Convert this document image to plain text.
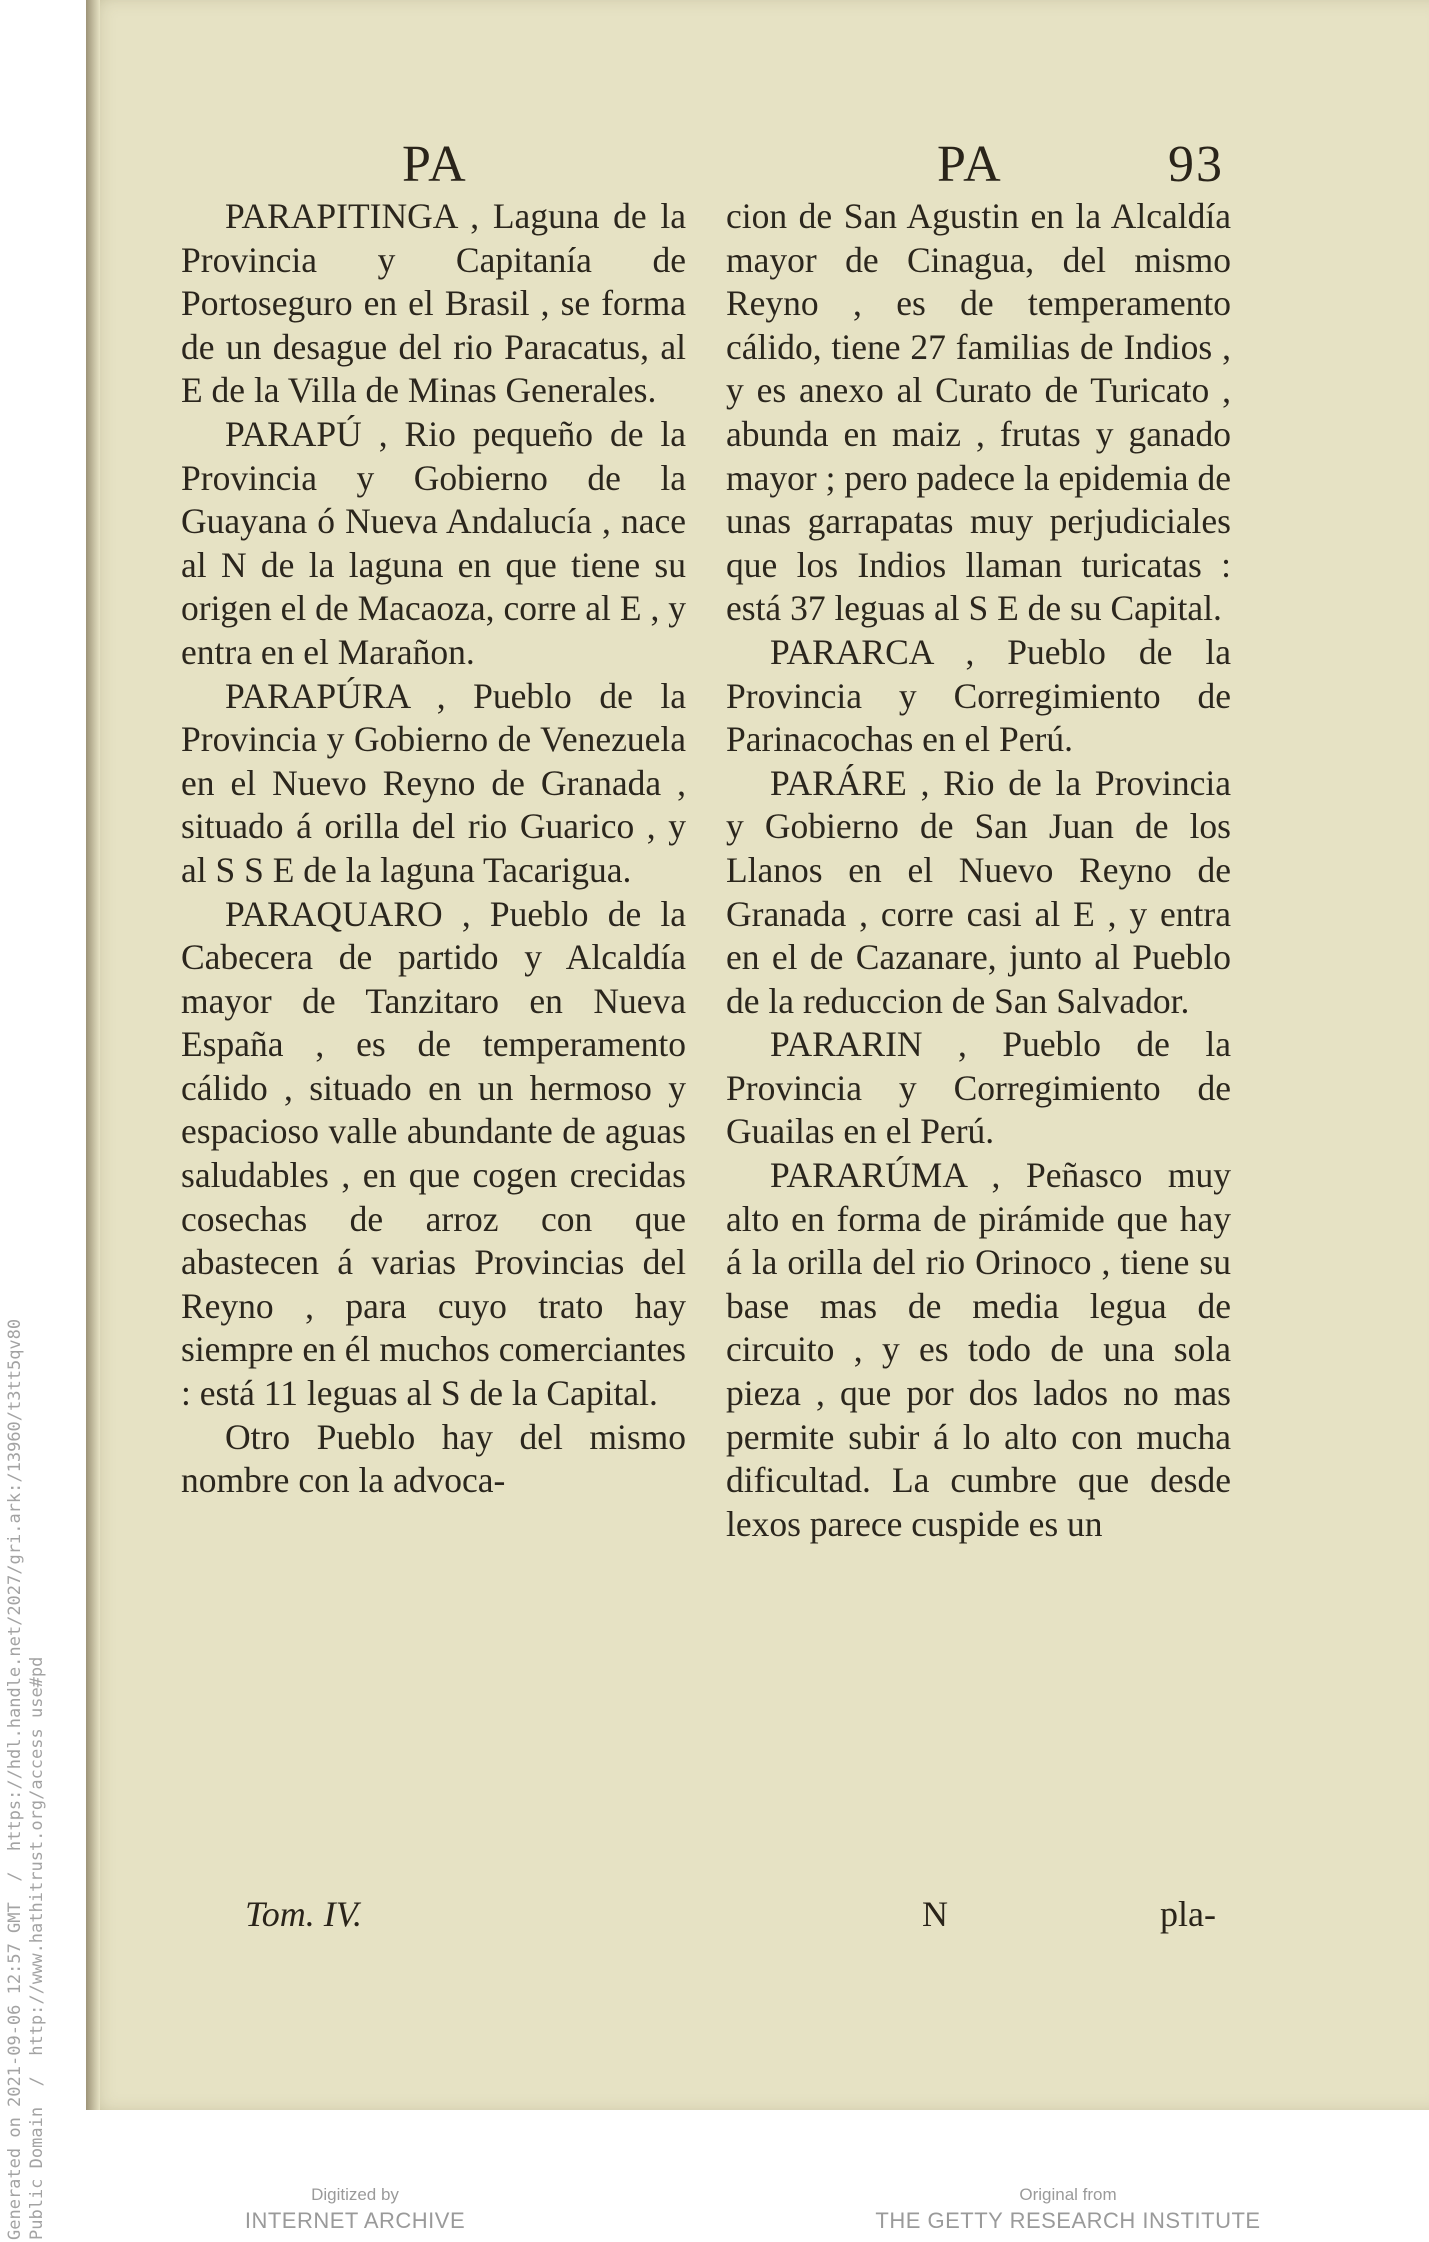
PA	PA	93

PARAPITINGA , Laguna de la Provincia y Capitanía de Portoseguro en el Brasil , se forma de un desague del rio Paracatus, al E de la Villa de Minas Generales.

PARAPÚ , Rio pequeño de la Provincia y Gobierno de la Guayana ó Nueva Andalucía , nace al N de la laguna en que tiene su origen el de Macaoza, corre al E , y entra en el Marañon.

PARAPÚRA , Pueblo de la Provincia y Gobierno de Venezuela en el Nuevo Reyno de Granada , situado á orilla del rio Guarico , y al S S E de la laguna Tacarigua.

PARAQUARO , Pueblo de la Cabecera de partido y Alcaldía mayor de Tanzitaro en Nueva España , es de temperamento cálido , situado en un hermoso y espacioso valle abundante de aguas saludables , en que cogen crecidas cosechas de arroz con que abastecen á varias Provincias del Reyno , para cuyo trato hay siempre en él muchos comerciantes : está 11 leguas al S de la Capital.

Otro Pueblo hay del mismo nombre con la advoca-

cion de San Agustin en la Alcaldía mayor de Cinagua, del mismo Reyno , es de temperamento cálido, tiene 27 familias de Indios , y es anexo al Curato de Turicato , abunda en maiz , frutas y ganado mayor ; pero padece la epidemia de unas garrapatas muy perjudiciales que los Indios llaman turicatas : está 37 leguas al S E de su Capital.

PARARCA , Pueblo de la Provincia y Corregimiento de Parinacochas en el Perú.

PARÁRE , Rio de la Provincia y Gobierno de San Juan de los Llanos en el Nuevo Reyno de Granada , corre casi al E , y entra en el de Cazanare, junto al Pueblo de la reduccion de San Salvador.

PARARIN , Pueblo de la Provincia y Corregimiento de Guailas en el Perú.

PARARÚMA , Peñasco muy alto en forma de pirámide que hay á la orilla del rio Orinoco , tiene su base mas de media legua de circuito , y es todo de una sola pieza , que por dos lados no mas permite subir á lo alto con mucha dificultad. La cumbre que desde lexos parece cuspide es un

Tom. IV.	N	pla-
Generated on 2021-09-06 12:57 GMT  /  https://hdl.handle.net/2027/gri.ark:/13960/t3tt5qv80 Public Domain  /  http://www.hathitrust.org/access use#pd	Digitized by
INTERNET ARCHIVE
Original from
THE GETTY RESEARCH INSTITUTE
